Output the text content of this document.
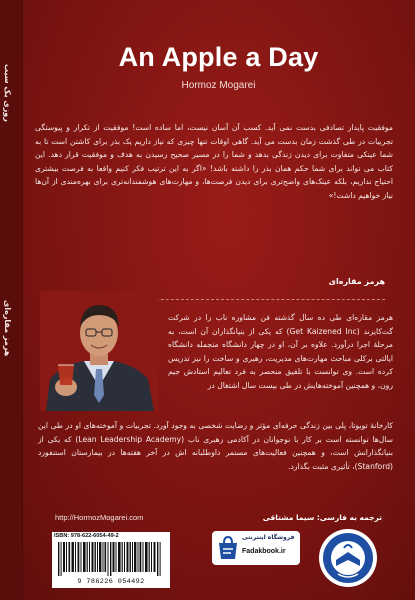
روزی یک سیب
هرمز مقاره‌ای
An Apple a Day
Hormoz Mogarei
موفقیت پایدار تصادفی بدست نمی آید. کسب آن آسان نیست، اما ساده است! موفقیت از تکرار و پیوستگی تجربیات در طی گذشت زمان بدست می آید. گاهی اوقات تنها چیزی که نیاز داریم یک بذر برای کاشتن است تا به شما عینکی متفاوت برای دیدن زندگی بدهد و شما را در مسیر صحیح رسیدن به هدف و موفقیت قرار دهد. این کتاب می تواند برای شما حکم همان بذر را داشته باشد! «اگر به این ترتیب فکر کنیم واقعا به فرصت بیشتری احتیاج نداریم، بلکه عینک‌های واضح‌تری برای دیدن فرصت‌ها، و مهارت‌های هوشمندانه‌تری برای بهره‌مندی از آن‌ها نیاز خواهیم داشت!»
هرمز مقاره‌ای
هرمز مقاره‌ای طی ده سال گذشته فن مشاوره ناب را در شرکت گت‌کایزند (Get Kaizened Inc) که یکی از بنیانگذاران آن است، به مرحلهٔ اجرا درآورد. علاوه بر آن، او در چهار دانشگاه منجمله دانشگاه ایالتی برکلی مباحث مهارت‌های مدیریت، رهبری و ساخت را نیز تدریس کرده است. وی توانست با تلفیق منحصر به فرد تعالیم استادش جیم رون، و همچنین آموخته‌هایش در طی بیست سال اشتغال در
کارخانهٔ تویوتا، پلی بین زندگی حرفه‌ای مؤثر و رضایت شخصی به وجود آورد. تجربیات و آموخته‌های او در طی این سال‌ها توانسته است بر کار با نوجوانان در آکادمی رهبری ناب (Lean Leadership Academy) که یکی از بنیانگذارانش است، و همچنین فعالیت‌های مستمر داوطلبانه اش در آخر هفته‌ها در بیمارستان استنفورد (Stanford)، تأثیری مثبت بگذارد.
ترجمه به فارسی: سیما مشتاقی
http://HormozMogarei.com
ISBN: 978-622-6054-49-2
9 786226 054492
فروشگاه اینترنتی
Fadakbook.ir
